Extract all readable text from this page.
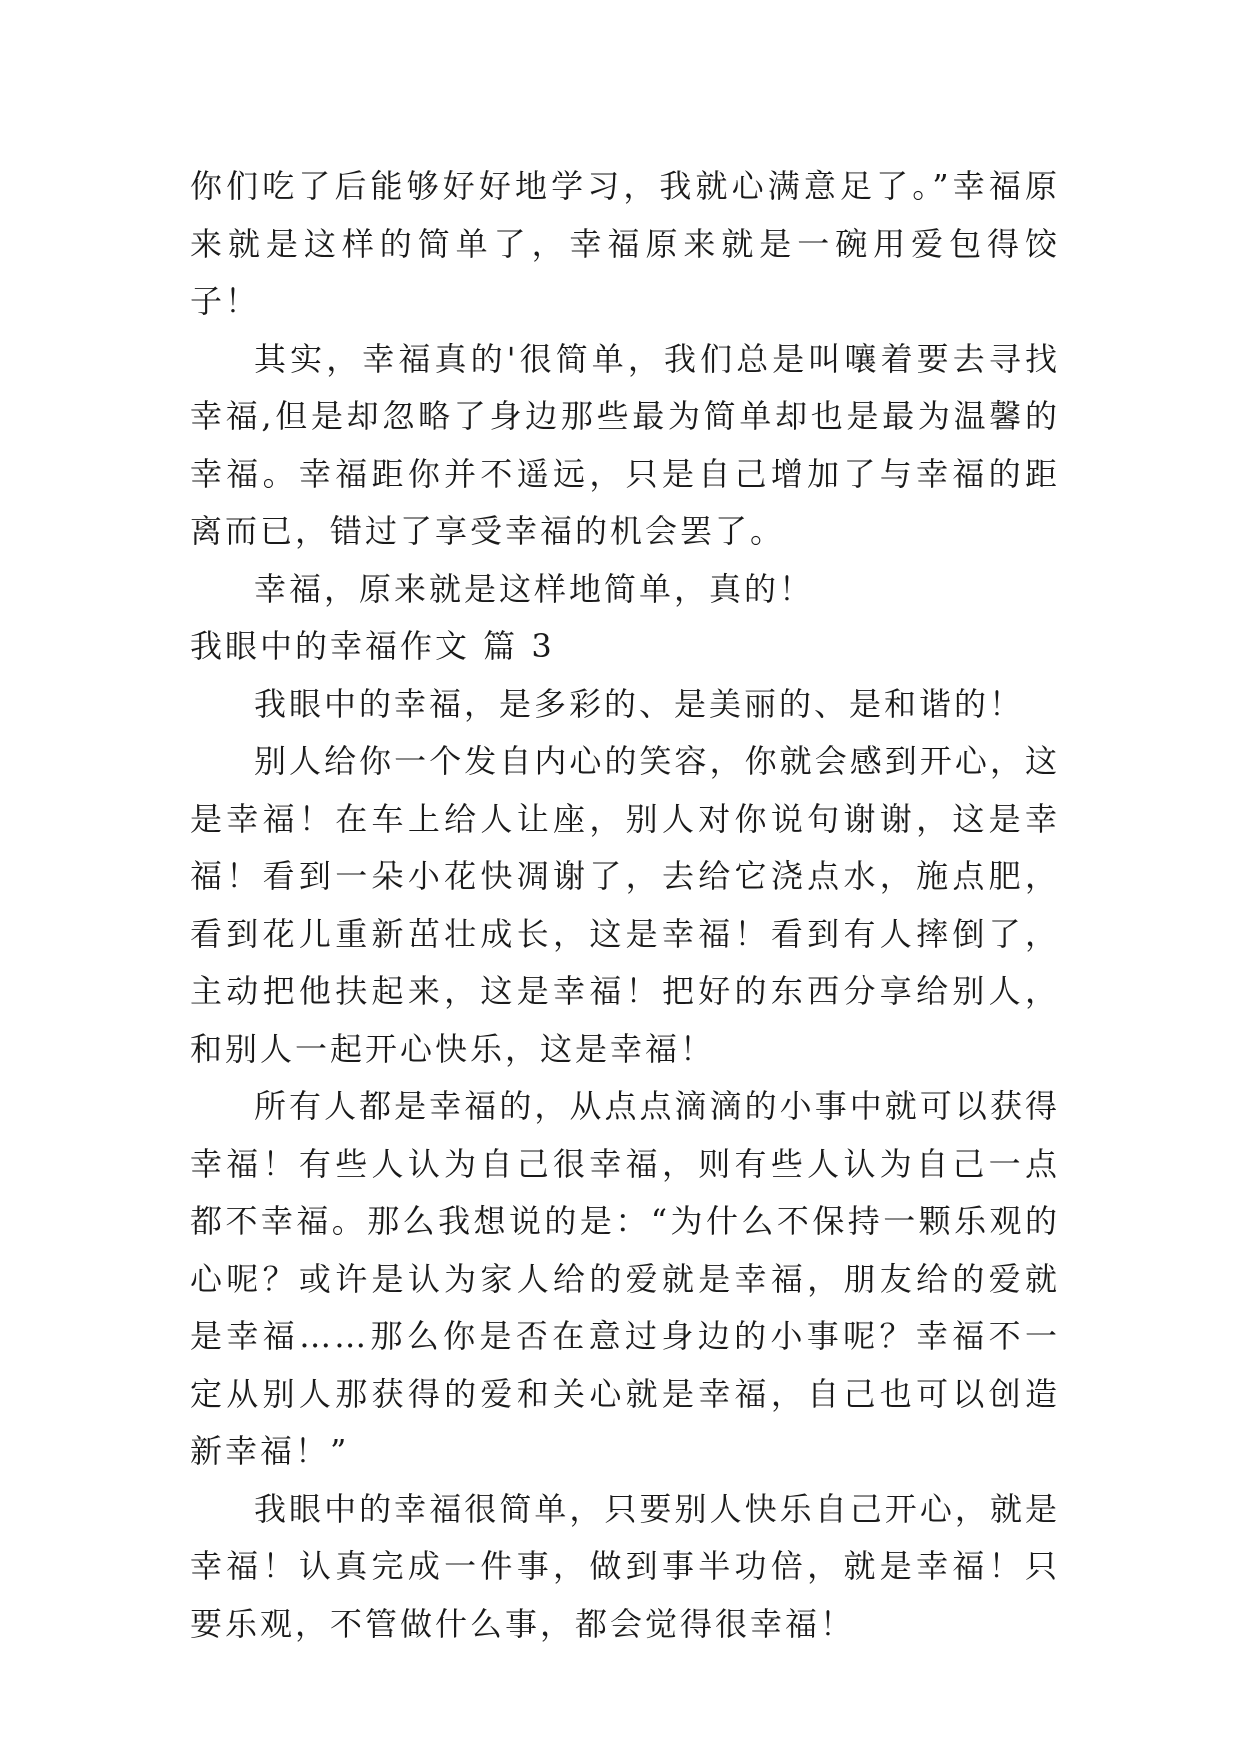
你们吃了后能够好好地学习，我就心满意足了。”幸福原来就是这样的简单了，幸福原来就是一碗用爱包得饺子！

其实，幸福真的'很简单，我们总是叫嚷着要去寻找幸福,但是却忽略了身边那些最为简单却也是最为温馨的幸福。幸福距你并不遥远，只是自己增加了与幸福的距离而已，错过了享受幸福的机会罢了。

幸福，原来就是这样地简单，真的！

我眼中的幸福作文 篇 3

我眼中的幸福，是多彩的、是美丽的、是和谐的！

别人给你一个发自内心的笑容，你就会感到开心，这是幸福！在车上给人让座，别人对你说句谢谢，这是幸福！看到一朵小花快凋谢了，去给它浇点水，施点肥，看到花儿重新茁壮成长，这是幸福！看到有人摔倒了，主动把他扶起来，这是幸福！把好的东西分享给别人，和别人一起开心快乐，这是幸福！

所有人都是幸福的，从点点滴滴的小事中就可以获得幸福！有些人认为自己很幸福，则有些人认为自己一点都不幸福。那么我想说的是：“为什么不保持一颗乐观的心呢？或许是认为家人给的爱就是幸福，朋友给的爱就是幸福……那么你是否在意过身边的小事呢？幸福不一定从别人那获得的爱和关心就是幸福，自己也可以创造新幸福！”

我眼中的幸福很简单，只要别人快乐自己开心，就是幸福！认真完成一件事，做到事半功倍，就是幸福！只要乐观，不管做什么事，都会觉得很幸福！
